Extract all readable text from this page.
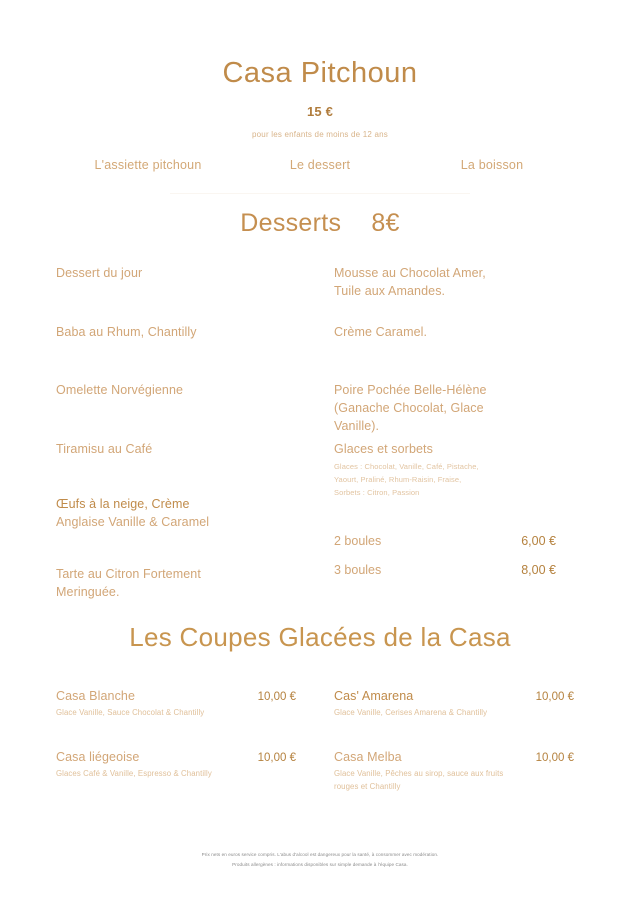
Casa Pitchoun
15 €
pour les enfants de moins de 12 ans
L'assiette pitchoun	Le dessert	La boisson
Desserts 8€
Dessert du jour
Baba au Rhum, Chantilly
Omelette Norvégienne
Tiramisu au Café
Œufs à la neige, Crème
Anglaise Vanille & Caramel
Tarte au Citron Fortement Meringuée.
Mousse au Chocolat Amer, Tuile aux Amandes.
Crème Caramel.
Poire Pochée Belle-Hélène (Ganache Chocolat, Glace Vanille).
Glaces et sorbets
Glaces : Chocolat, Vanille, Café, Pistache,
Yaourt, Praliné, Rhum-Raisin, Fraise,
Sorbets : Citron, Passion
2 boules	6,00 €
3 boules	8,00 €
Les Coupes Glacées de la Casa
Casa Blanche	10,00 €
Glace Vanille, Sauce Chocolat & Chantilly
Cas' Amarena	10,00 €
Glace Vanille, Cerises Amarena & Chantilly
Casa liégeoise	10,00 €
Glaces Café & Vanille, Espresso & Chantilly
Casa Melba	10,00 €
Glace Vanille, Pêches au sirop, sauce aux fruits rouges et Chantilly
Prix nets en euros service compris. L'abus d'alcool est dangereux pour la santé, à consommer avec modération.
Produits allergènes : informations disponibles sur simple demande à l'équipe Casa.
